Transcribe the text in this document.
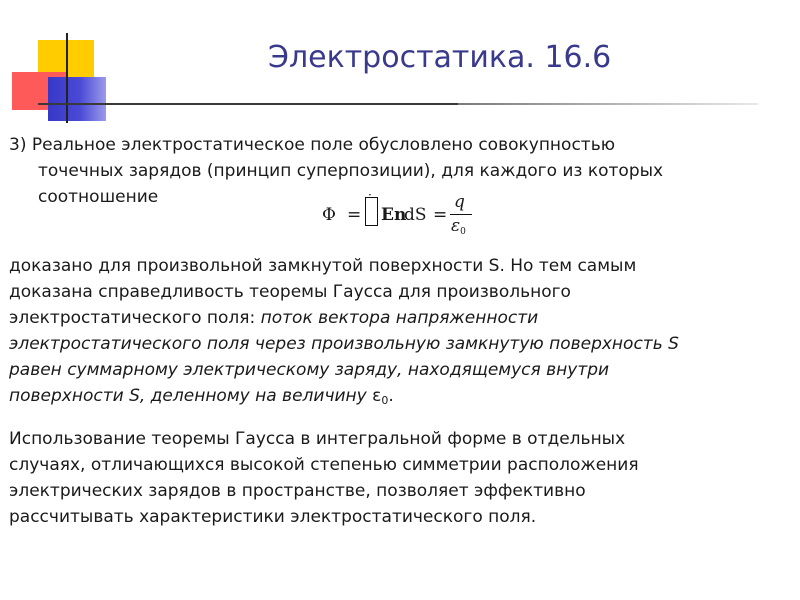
Электростатика. 16.6
3) Реальное электростатическое поле обусловлено совокупностью
точечных зарядов (принцип суперпозиции), для каждого из которых
соотношение
Φ =
·
En
dS =
q
ε0
доказано для произвольной замкнутой поверхности S. Но тем самым
доказана справедливость теоремы Гаусса для произвольного
электростатического поля: поток вектора напряженности
электростатического поля через произвольную замкнутую поверхность S
равен суммарному электрическому заряду, находящемуся внутри
поверхности S, деленному на величину $\varepsilon_0$.
Использование теоремы Гаусса в интегральной форме в отдельных
случаях, отличающихся высокой степенью симметрии расположения
электрических зарядов в пространстве, позволяет эффективно
рассчитывать характеристики электростатического поля.
